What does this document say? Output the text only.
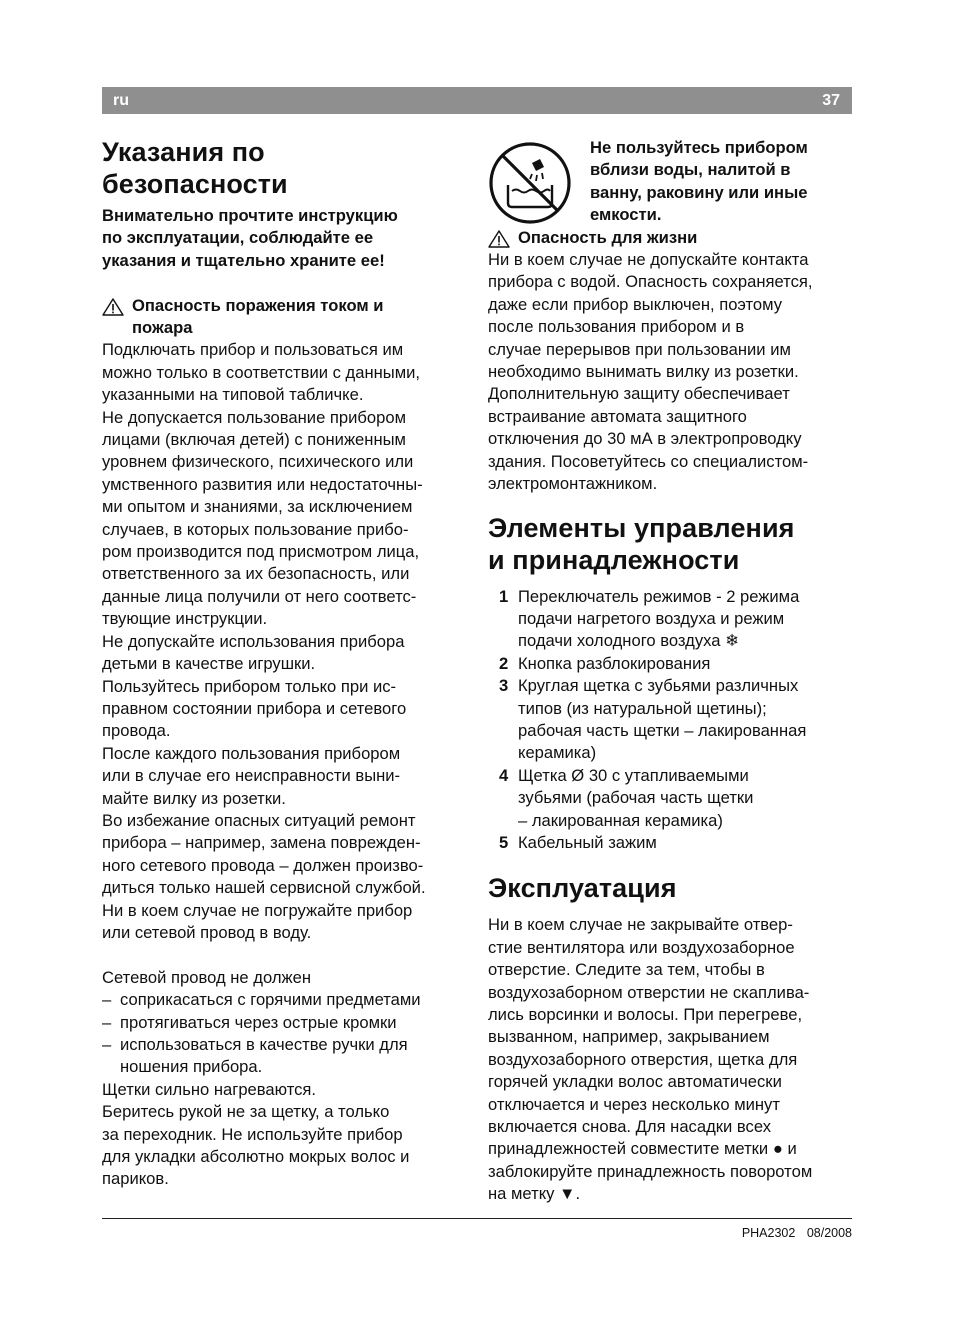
ru	37
Указания по
безопасности
Внимательно прочтите инструкцию
по эксплуатации, соблюдайте ее
указания и тщательно храните ее!
Опасность поражения током и
пожара
Подключать прибор и пользоваться им
можно только в соответствии с данными,
указанными на типовой табличке.
Не допускается пользование прибором
лицами (включая детей) с пониженным
уровнем физического, психического или
умственного развития или недостаточны-
ми опытом и знаниями, за исключением
случаев, в которых пользование прибо-
ром производится под присмотром лица,
ответственного за их безопасность, или
данные лица получили от него соответс-
твующие инструкции.
Не допускайте использования прибора
детьми в качестве игрушки.
Пользуйтесь прибором только при ис-
правном состоянии прибора и сетевого
провода.
После каждого пользования прибором
или в случае его неисправности выни-
майте вилку из розетки.
Во избежание опасных ситуаций ремонт
прибора – например, замена поврежден-
ного сетевого провода – должен произво-
диться только нашей сервисной службой.
Ни в коем случае не погружайте прибор
или сетевой провод в воду.
Сетевой провод не должен
– соприкасаться с горячими предметами
– протягиваться через острые кромки
– использоваться в качестве ручки для
ношения прибора.
Щетки сильно нагреваются.
Беритесь рукой не за щетку, а только
за переходник. Не используйте прибор
для укладки абсолютно мокрых волос и
париков.
Не пользуйтесь прибором
вблизи воды, налитой в
ванну, раковину или иные
емкости.
Опасность для жизни
Ни в коем случае не допускайте контакта
прибора с водой. Опасность сохраняется,
даже если прибор выключен, поэтому
после пользования прибором и в
случае перерывов при пользовании им
необходимо вынимать вилку из розетки.
Дополнительную защиту обеспечивает
встраивание автомата защитного
отключения до 30 мА в электропроводку
здания. Посоветуйтесь со специалистом-
электромонтажником.
Элементы управления
и принадлежности
1 Переключатель режимов - 2 режима
подачи нагретого воздуха и режим
подачи холодного воздуха ❄
2 Кнопка разблокирования
3 Круглая щетка с зубьями различных
типов (из натуральной щетины);
рабочая часть щетки – лакированная
керамика)
4 Щетка Ø 30 с утапливаемыми
зубьями (рабочая часть щетки
– лакированная керамика)
5 Кабельный зажим
Эксплуатация
Ни в коем случае не закрывайте отвер-
стие вентилятора или воздухозаборное
отверстие. Следите за тем, чтобы в
воздухозаборном отверстии не скаплива-
лись ворсинки и волосы. При перегреве,
вызванном, например, закрыванием
воздухозаборного отверстия, щетка для
горячей укладки волос автоматически
отключается и через несколько минут
включается снова. Для насадки всех
принадлежностей совместите метки ● и
заблокируйте принадлежность поворотом
на метку ▼.
PHA2302 08/2008
